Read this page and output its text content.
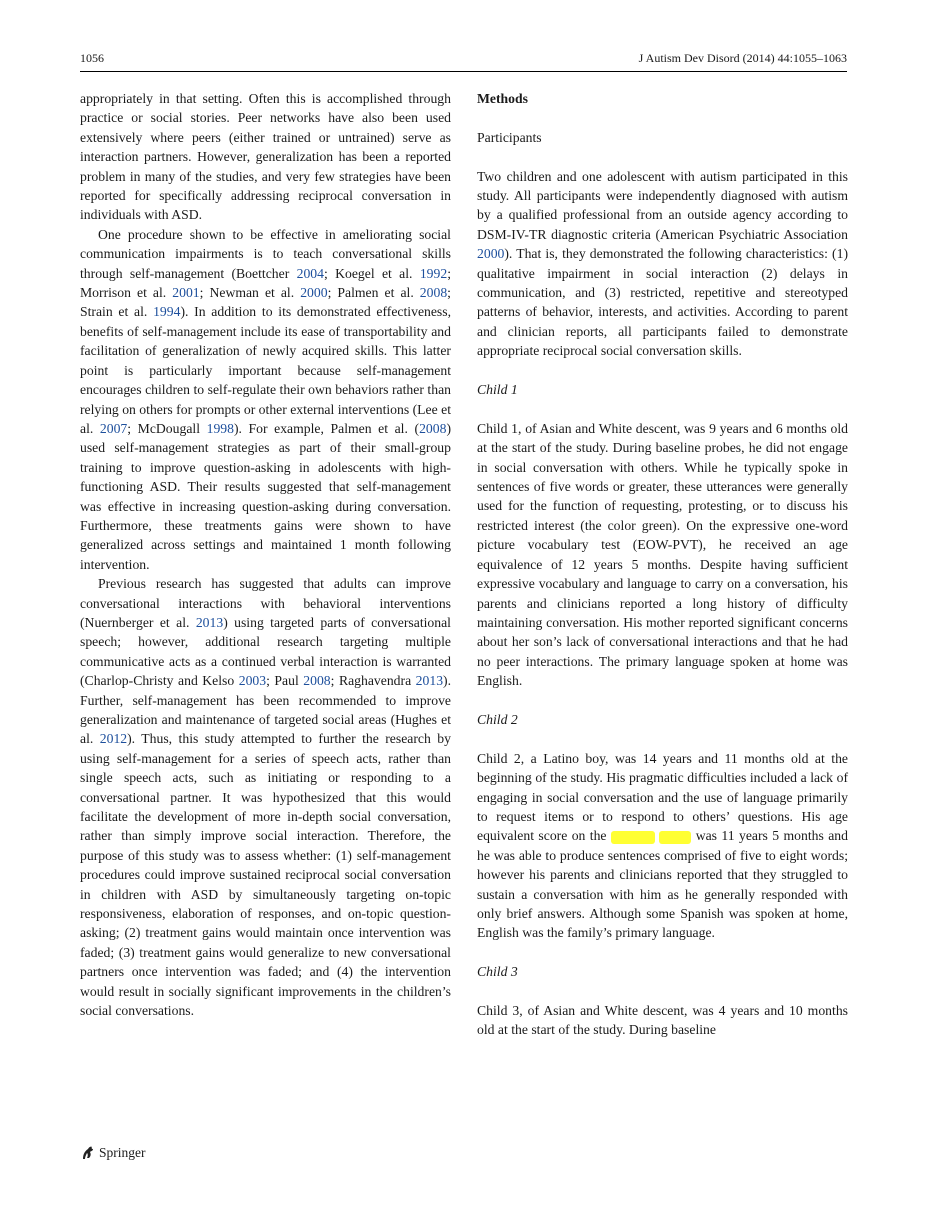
1056	J Autism Dev Disord (2014) 44:1055–1063

appropriately in that setting. Often this is accomplished through practice or social stories. Peer networks have also been used extensively where peers (either trained or untrained) serve as interaction partners. However, generalization has been a reported problem in many of the studies, and very few strategies have been reported for specifically addressing reciprocal conversation in individuals with ASD.

One procedure shown to be effective in ameliorating social communication impairments is to teach conversational skills through self-management (Boettcher 2004; Koegel et al. 1992; Morrison et al. 2001; Newman et al. 2000; Palmen et al. 2008; Strain et al. 1994). In addition to its demonstrated effectiveness, benefits of self-management include its ease of transportability and facilitation of generalization of newly acquired skills. This latter point is particularly important because self-management encourages children to self-regulate their own behaviors rather than relying on others for prompts or other external interventions (Lee et al. 2007; McDougall 1998). For example, Palmen et al. (2008) used self-management strategies as part of their small-group training to improve question-asking in adolescents with high-functioning ASD. Their results suggested that self-management was effective in increasing question-asking during conversation. Furthermore, these treatments gains were shown to have generalized across settings and maintained 1 month following intervention.

Previous research has suggested that adults can improve conversational interactions with behavioral interventions (Nuernberger et al. 2013) using targeted parts of conversational speech; however, additional research targeting multiple communicative acts as a continued verbal interaction is warranted (Charlop-Christy and Kelso 2003; Paul 2008; Raghavendra 2013). Further, self-management has been recommended to improve generalization and maintenance of targeted social areas (Hughes et al. 2012). Thus, this study attempted to further the research by using self-management for a series of speech acts, rather than single speech acts, such as initiating or responding to a conversational partner. It was hypothesized that this would facilitate the development of more in-depth social conversation, rather than simply improve social interaction. Therefore, the purpose of this study was to assess whether: (1) self-management procedures could improve sustained reciprocal social conversation in children with ASD by simultaneously targeting on-topic responsiveness, elaboration of responses, and on-topic question-asking; (2) treatment gains would maintain once intervention was faded; (3) treatment gains would generalize to new conversational partners once intervention was faded; and (4) the intervention would result in socially significant improvements in the children’s social conversations.

Methods

Participants

Two children and one adolescent with autism participated in this study. All participants were independently diagnosed with autism by a qualified professional from an outside agency according to DSM-IV-TR diagnostic criteria (American Psychiatric Association 2000). That is, they demonstrated the following characteristics: (1) qualitative impairment in social interaction (2) delays in communication, and (3) restricted, repetitive and stereotyped patterns of behavior, interests, and activities. According to parent and clinician reports, all participants failed to demonstrate appropriate reciprocal social conversation skills.

Child 1

Child 1, of Asian and White descent, was 9 years and 6 months old at the start of the study. During baseline probes, he did not engage in social conversation with others. While he typically spoke in sentences of five words or greater, these utterances were generally used for the function of requesting, protesting, or to discuss his restricted interest (the color green). On the expressive one-word picture vocabulary test (EOW-PVT), he received an age equivalence of 12 years 5 months. Despite having sufficient expressive vocabulary and language to carry on a conversation, his parents and clinicians reported a long history of difficulty maintaining conversation. His mother reported significant concerns about her son’s lack of conversational interactions and that he had no peer interactions. The primary language spoken at home was English.

Child 2

Child 2, a Latino boy, was 14 years and 11 months old at the beginning of the study. His pragmatic difficulties included a lack of engaging in social conversation and the use of language primarily to request items or to respond to others’ questions. His age equivalent score on the	was 11 years 5 months and he was able to produce sentences comprised of five to eight words; however his parents and clinicians reported that they struggled to sustain a conversation with him as he generally responded with only brief answers. Although some Spanish was spoken at home, English was the family’s primary language.

Child 3

Child 3, of Asian and White descent, was 4 years and 10 months old at the start of the study. During baseline

Springer
